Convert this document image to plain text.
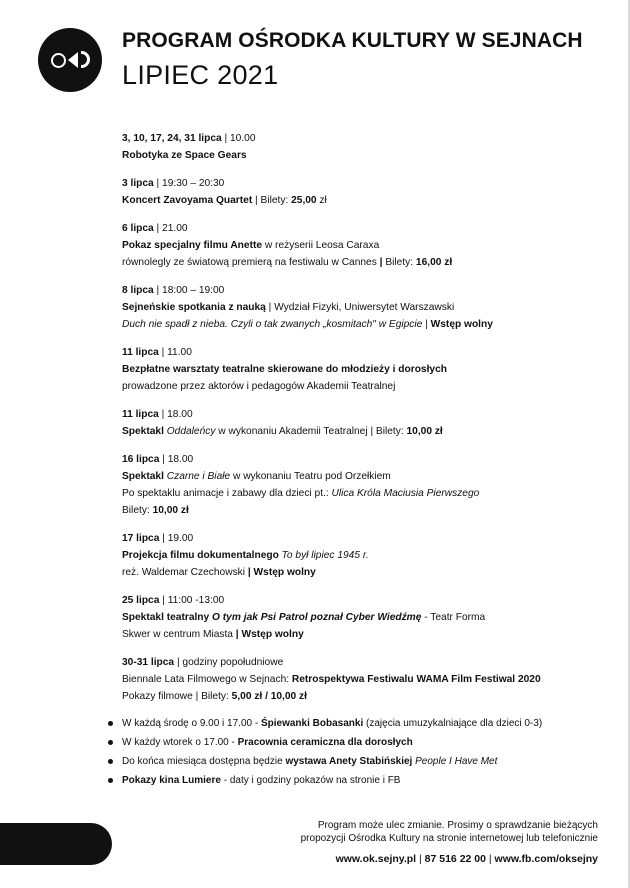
PROGRAM OŚRODKA KULTURY W SEJNACH
LIPIEC 2021
3, 10, 17, 24, 31 lipca | 10.00
Robotyka ze Space Gears
3 lipca | 19:30 – 20:30
Koncert Zavoyama Quartet | Bilety: 25,00 zł
6 lipca | 21.00
Pokaz specjalny filmu Anette w reżyserii Leosa Caraxa
równolegly ze światową premierą na festiwalu w Cannes | Bilety: 16,00 zł
8 lipca | 18:00 – 19:00
Sejneńskie spotkania z nauką | Wydział Fizyki, Uniwersytet Warszawski
Duch nie spadł z nieba. Czyli o tak zwanych „kosmitach" w Egipcie | Wstęp wolny
11 lipca | 11.00
Bezpłatne warsztaty teatralne skierowane do młodzieży i dorosłych
prowadzone przez aktorów i pedagogów Akademii Teatralnej
11 lipca | 18.00
Spektakl Oddaleńcy w wykonaniu Akademii Teatralnej | Bilety: 10,00 zł
16 lipca | 18.00
Spektakl Czarne i Białe w wykonaniu Teatru pod Orzełkiem
Po spektaklu animacje i zabawy dla dzieci pt.: Ulica Króla Maciusia Pierwszego
Bilety: 10,00 zł
17 lipca | 19.00
Projekcja filmu dokumentalnego To był lipiec 1945 r.
reż. Waldemar Czechowski | Wstęp wolny
25 lipca | 11:00 -13:00
Spektakl teatralny O tym jak Psi Patrol poznał Cyber Wiedźmę - Teatr Forma
Skwer w centrum Miasta | Wstęp wolny
30-31 lipca | godziny popołudniowe
Biennale Lata Filmowego w Sejnach: Retrospektywa Festiwalu WAMA Film Festiwal 2020
Pokazy filmowe | Bilety: 5,00 zł / 10,00 zł
W każdą środę o 9.00 i 17.00 - Śpiewanki Bobasanki (zajęcia umuzykalniające dla dzieci 0-3)
W każdy wtorek o 17.00 - Pracownia ceramiczna dla dorosłych
Do końca miesiąca dostępna będzie wystawa Anety Stabińskiej People I Have Met
Pokazy kina Lumiere - daty i godziny pokazów na stronie i FB
Program może ulec zmianie. Prosimy o sprawdzanie bieżących
propozycji Ośrodka Kultury na stronie internetowej lub telefonicznie
www.ok.sejny.pl | 87 516 22 00 | www.fb.com/oksejny
